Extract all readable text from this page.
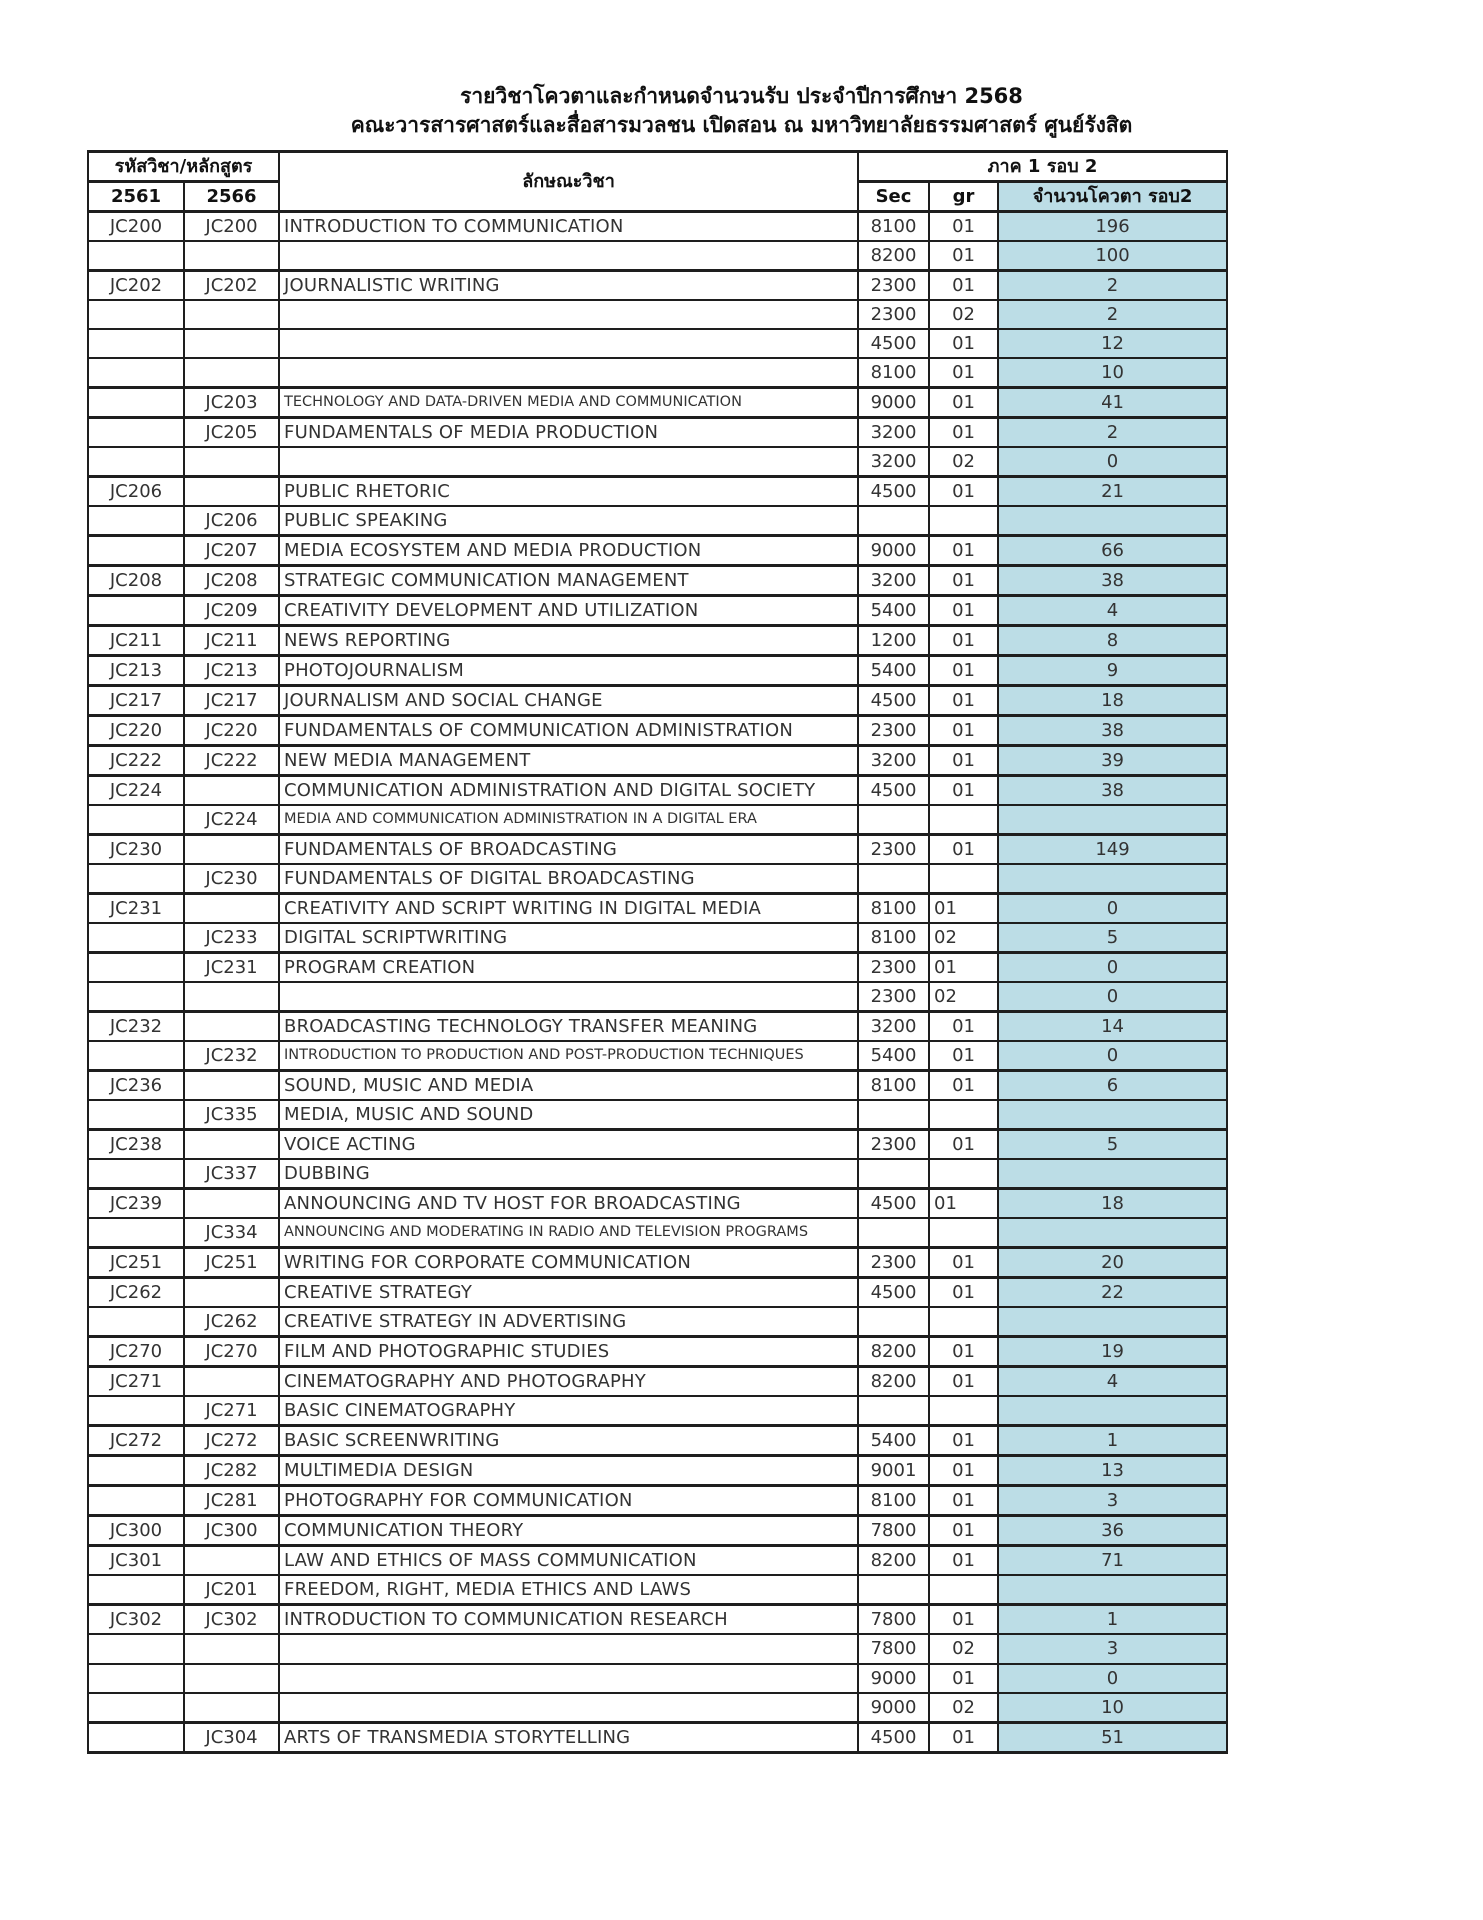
รายวิชาโควตาและกำหนดจำนวนรับ ประจำปีการศึกษา 2568
คณะวารสารศาสตร์และสื่อสารมวลชน เปิดสอน ณ มหาวิทยาลัยธรรมศาสตร์ ศูนย์รังสิต
รหัสวิชา/หลักสูตร		ลักษณะวิชา	ภาค 1 รอบ 2		
2561	2566		Sec	gr	จำนวนโควตา รอบ2
JC200	JC200	INTRODUCTION TO COMMUNICATION	8100	01	196
			8200	01	100
JC202	JC202	JOURNALISTIC WRITING	2300	01	2
			2300	02	2
			4500	01	12
			8100	01	10
	JC203	TECHNOLOGY AND DATA-DRIVEN MEDIA AND COMMUNICATION	9000	01	41
	JC205	FUNDAMENTALS OF MEDIA PRODUCTION	3200	01	2
			3200	02	0
JC206		PUBLIC RHETORIC	4500	01	21
	JC206	PUBLIC SPEAKING			
	JC207	MEDIA ECOSYSTEM AND MEDIA PRODUCTION	9000	01	66
JC208	JC208	STRATEGIC COMMUNICATION MANAGEMENT	3200	01	38
	JC209	CREATIVITY DEVELOPMENT AND UTILIZATION	5400	01	4
JC211	JC211	NEWS REPORTING	1200	01	8
JC213	JC213	PHOTOJOURNALISM	5400	01	9
JC217	JC217	JOURNALISM AND SOCIAL CHANGE	4500	01	18
JC220	JC220	FUNDAMENTALS OF COMMUNICATION ADMINISTRATION	2300	01	38
JC222	JC222	NEW MEDIA MANAGEMENT	3200	01	39
JC224		COMMUNICATION ADMINISTRATION AND DIGITAL SOCIETY	4500	01	38
	JC224	MEDIA AND COMMUNICATION ADMINISTRATION IN A DIGITAL ERA			
JC230		FUNDAMENTALS OF BROADCASTING	2300	01	149
	JC230	FUNDAMENTALS OF DIGITAL BROADCASTING			
JC231		CREATIVITY AND SCRIPT WRITING IN DIGITAL MEDIA	8100	01	0
	JC233	DIGITAL SCRIPTWRITING	8100	02	5
	JC231	PROGRAM CREATION	2300	01	0
			2300	02	0
JC232		BROADCASTING TECHNOLOGY TRANSFER MEANING	3200	01	14
	JC232	INTRODUCTION TO PRODUCTION AND POST-PRODUCTION TECHNIQUES	5400	01	0
JC236		SOUND, MUSIC AND MEDIA	8100	01	6
	JC335	MEDIA, MUSIC AND SOUND			
JC238		VOICE ACTING	2300	01	5
	JC337	DUBBING			
JC239		ANNOUNCING AND TV HOST FOR BROADCASTING	4500	01	18
	JC334	ANNOUNCING AND MODERATING IN RADIO AND TELEVISION PROGRAMS			
JC251	JC251	WRITING FOR CORPORATE COMMUNICATION	2300	01	20
JC262		CREATIVE STRATEGY	4500	01	22
	JC262	CREATIVE STRATEGY IN ADVERTISING			
JC270	JC270	FILM AND PHOTOGRAPHIC STUDIES	8200	01	19
JC271		CINEMATOGRAPHY AND PHOTOGRAPHY	8200	01	4
	JC271	BASIC CINEMATOGRAPHY			
JC272	JC272	BASIC SCREENWRITING	5400	01	1
	JC282	MULTIMEDIA DESIGN	9001	01	13
	JC281	PHOTOGRAPHY FOR COMMUNICATION	8100	01	3
JC300	JC300	COMMUNICATION THEORY	7800	01	36
JC301		LAW AND ETHICS OF MASS COMMUNICATION	8200	01	71
	JC201	FREEDOM, RIGHT, MEDIA ETHICS AND LAWS			
JC302	JC302	INTRODUCTION TO COMMUNICATION RESEARCH	7800	01	1
			7800	02	3
			9000	01	0
			9000	02	10
	JC304	ARTS OF TRANSMEDIA STORYTELLING	4500	01	51
